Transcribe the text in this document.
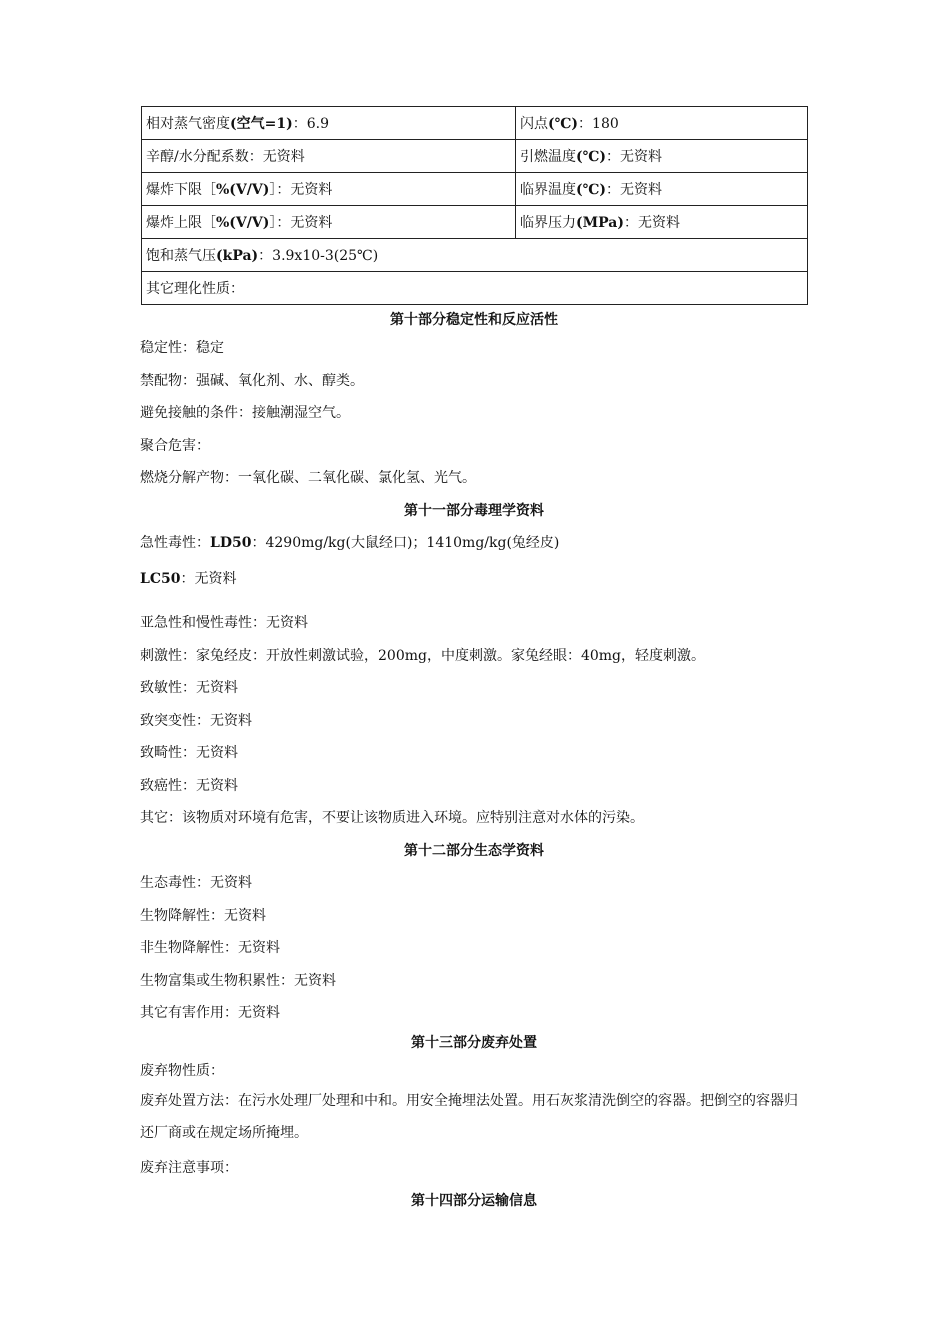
相对蒸气密度(空气=1)：6.9	闪点(℃)：180
辛醇/水分配系数：无资料	引燃温度(℃)：无资料
爆炸下限［%(V/V)］：无资料	临界温度(℃)：无资料
爆炸上限［%(V/V)］：无资料	临界压力(MPa)：无资料
饱和蒸气压(kPa)：3.9x10-3(25℃)	
其它理化性质：	
第十部分稳定性和反应活性
稳定性：稳定
禁配物：强碱、氧化剂、水、醇类。
避免接触的条件：接触潮湿空气。
聚合危害：
燃烧分解产物：一氧化碳、二氧化碳、氯化氢、光气。
第十一部分毒理学资料
急性毒性：LD50：4290mg/kg(大鼠经口)；1410mg/kg(兔经皮)
LC50：无资料
亚急性和慢性毒性：无资料
刺激性：家兔经皮：开放性刺激试验，200mg，中度刺激。家兔经眼：40mg，轻度刺激。
致敏性：无资料
致突变性：无资料
致畸性：无资料
致癌性：无资料
其它：该物质对环境有危害，不要让该物质进入环境。应特别注意对水体的污染。
第十二部分生态学资料
生态毒性：无资料
生物降解性：无资料
非生物降解性：无资料
生物富集或生物积累性：无资料
其它有害作用：无资料
第十三部分废弃处置
废弃物性质：
废弃处置方法：在污水处理厂处理和中和。用安全掩埋法处置。用石灰浆清洗倒空的容器。把倒空的容器归还厂商或在规定场所掩埋。
废弃注意事项：
第十四部分运输信息
